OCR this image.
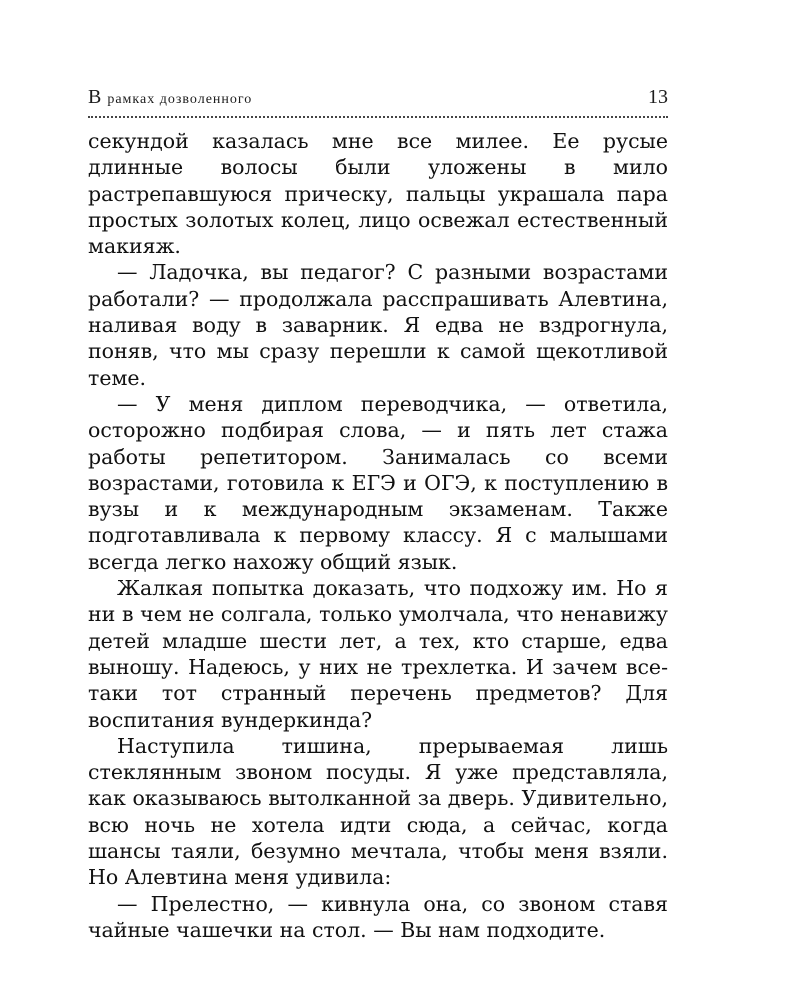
В рамках дозволенного	13

секундой казалась мне все милее. Ее русые длинные волосы были уложены в мило растрепавшуюся прическу, пальцы украшала пара простых золотых колец, лицо освежал естественный макияж.

— Ладочка, вы педагог? С разными возрастами работали? — продолжала расспрашивать Алевтина, наливая воду в заварник. Я едва не вздрогнула, поняв, что мы сразу перешли к самой щекотливой теме.

— У меня диплом переводчика, — ответила, осторожно подбирая слова, — и пять лет стажа работы репетитором. Занималась со всеми возрастами, готовила к ЕГЭ и ОГЭ, к поступлению в вузы и к международным экзаменам. Также подготавливала к первому классу. Я с малышами всегда легко нахожу общий язык.

Жалкая попытка доказать, что подхожу им. Но я ни в чем не солгала, только умолчала, что ненавижу детей младше шести лет, а тех, кто старше, едва выношу. Надеюсь, у них не трехлетка. И зачем все-таки тот странный перечень предметов? Для воспитания вундеркинда?

Наступила тишина, прерываемая лишь стеклянным звоном посуды. Я уже представляла, как оказываюсь вытолканной за дверь. Удивительно, всю ночь не хотела идти сюда, а сейчас, когда шансы таяли, безумно мечтала, чтобы меня взяли. Но Алевтина меня удивила:

— Прелестно, — кивнула она, со звоном ставя чайные чашечки на стол. — Вы нам подходите.
